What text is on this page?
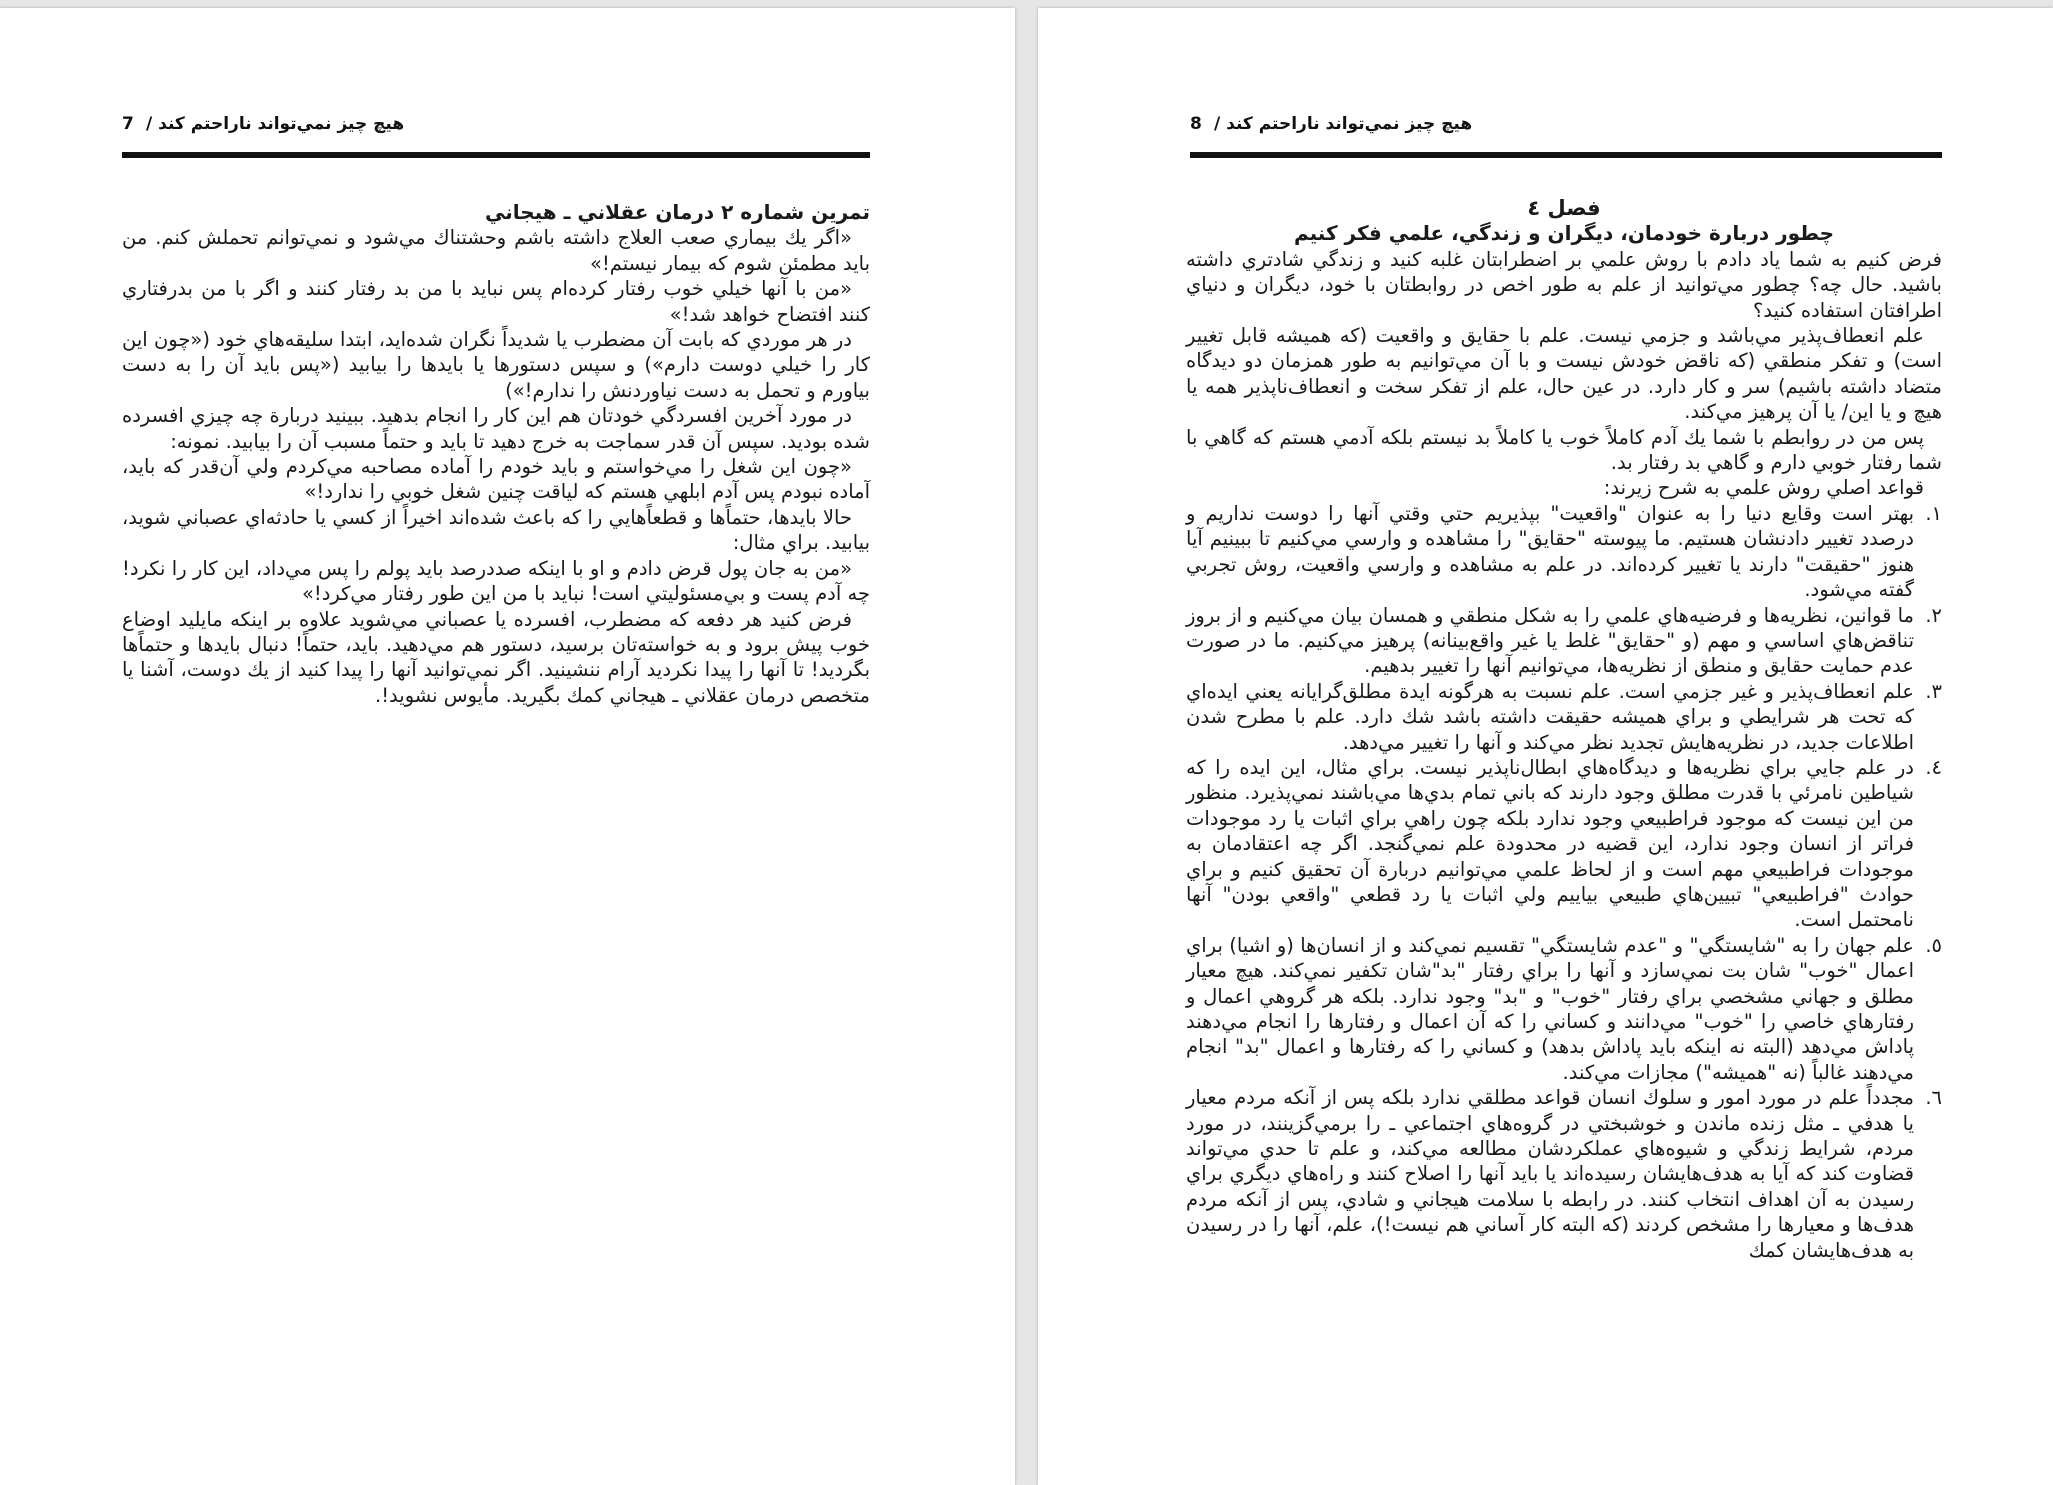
7 هيچ چيز نمي‌تواند ناراحتم كند /

تمرين شماره ٢ درمان عقلاني ـ هيجاني

«اگر يك بيماري صعب العلاج داشته باشم وحشتناك مي‌شود و نمي‌توانم تحملش كنم. من بايد مطمئن شوم كه بيمار نيستم!»

«من با آنها خيلي خوب رفتار كرده‌ام پس نبايد با من بد رفتار كنند و اگر با من بدرفتاري كنند افتضاح خواهد شد!»

در هر موردي كه بابت آن مضطرب يا شديداً نگران شده‌ايد، ابتدا سليقه‌هاي خود («چون اين كار را خيلي دوست دارم») و سپس دستورها يا بايدها را بيابيد («پس بايد آن را به دست بياورم و تحمل به دست نياوردنش را ندارم!»)

در مورد آخرين افسردگي خودتان هم اين كار را انجام بدهيد. ببينيد دربارة چه چيزي افسرده شده بوديد. سپس آن قدر سماجت به خرج دهيد تا بايد و حتماً مسبب آن را بيابيد. نمونه:

«چون اين شغل را مي‌خواستم و بايد خودم را آماده مصاحبه مي‌كردم ولي آن‌قدر كه بايد، آماده نبودم پس آدم ابلهي هستم كه لياقت چنين شغل خوبي را ندارد!»

حالا بايدها، حتماًها و قطعاًهايي را كه باعث شده‌اند اخيراً از كسي يا حادثه‌اي عصباني شويد، بيابيد. براي مثال:

«من به جان پول قرض دادم و او با اينكه صددرصد بايد پولم را پس مي‌داد، اين كار را نكرد! چه آدم پست و بي‌مسئوليتي است! نبايد با من اين طور رفتار مي‌كرد!»

فرض كنيد هر دفعه كه مضطرب، افسرده يا عصباني مي‌شويد علاوه بر اينكه مايليد اوضاع خوب پيش برود و به خواسته‌تان برسيد، دستور هم مي‌دهيد. بايد، حتماً! دنبال بايدها و حتماًها بگرديد! تا آنها را پيدا نكرديد آرام ننشينيد. اگر نمي‌توانيد آنها را پيدا كنيد از يك دوست، آشنا يا متخصص درمان عقلاني ـ هيجاني كمك بگيريد. مأيوس نشويد!.

8 هيچ چيز نمي‌تواند ناراحتم كند /

فصل ٤

چطور دربارة خودمان، ديگران و زندگي، علمي فكر كنيم

فرض كنيم به شما ياد دادم با روش علمي بر اضطرابتان غلبه كنيد و زندگي شادتري داشته باشيد. حال چه؟ چطور مي‌توانيد از علم به طور اخص در روابطتان با خود، ديگران و دنياي اطرافتان استفاده كنيد؟

علم انعطاف‌پذير مي‌باشد و جزمي نيست. علم با حقايق و واقعيت (كه هميشه قابل تغيير است) و تفكر منطقي (كه ناقض خودش نيست و با آن مي‌توانيم به طور همزمان دو ديدگاه متضاد داشته باشيم) سر و كار دارد. در عين حال، علم از تفكر سخت و انعطاف‌ناپذير همه يا هيچ و يا اين/ يا آن پرهيز مي‌كند.

پس من در روابطم با شما يك آدم كاملاً خوب يا كاملاً بد نيستم بلكه آدمي هستم كه گاهي با شما رفتار خوبي دارم و گاهي بد رفتار بد.

قواعد اصلي روش علمي به شرح زيرند:

١.
بهتر است وقايع دنيا را به عنوان "واقعيت" بپذيريم حتي وقتي آنها را دوست نداريم و درصدد تغيير دادنشان هستيم. ما پيوسته "حقايق" را مشاهده و وارسي مي‌كنيم تا ببينيم آيا هنوز "حقيقت" دارند يا تغيير كرده‌اند. در علم به مشاهده و وارسي واقعيت، روش تجربي گفته مي‌شود.
٢.
ما قوانين، نظريه‌ها و فرضيه‌هاي علمي را به شكل منطقي و همسان بيان مي‌كنيم و از بروز تناقض‌هاي اساسي و مهم (و "حقايق" غلط يا غير واقع‌بينانه) پرهيز مي‌كنيم. ما در صورت عدم حمايت حقايق و منطق از نظريه‌ها، مي‌توانيم آنها را تغيير بدهيم.
٣.
علم انعطاف‌پذير و غير جزمي است. علم نسبت به هرگونه ايدة مطلق‌گرايانه يعني ايده‌اي كه تحت هر شرايطي و براي هميشه حقيقت داشته باشد شك دارد. علم با مطرح شدن اطلاعات جديد، در نظريه‌هايش تجديد نظر مي‌كند و آنها را تغيير مي‌دهد.
٤.
در علم جايي براي نظريه‌ها و ديدگاه‌هاي ابطال‌ناپذير نيست. براي مثال، اين ايده را كه شياطين نامرئي با قدرت مطلق وجود دارند كه باني تمام بدي‌ها مي‌باشند نمي‌پذيرد. منظور من اين نيست كه موجود فراطبيعي وجود ندارد بلكه چون راهي براي اثبات يا رد موجودات فراتر از انسان وجود ندارد، اين قضيه در محدودة علم نمي‌گنجد. اگر چه اعتقادمان به موجودات فراطبيعي مهم است و از لحاظ علمي مي‌توانيم دربارة آن تحقيق كنيم و براي حوادث "فراطبيعي" تبيين‌هاي طبيعي بياييم ولي اثبات يا رد قطعي "واقعي بودن" آنها نامحتمل است.
٥.
علم جهان را به "شايستگي" و "عدم شايستگي" تقسيم نمي‌كند و از انسان‌ها (و اشيا) براي اعمال "خوب" شان بت نمي‌سازد و آنها را براي رفتار "بد"شان تكفير نمي‌كند. هيچ معيار مطلق و جهاني مشخصي براي رفتار "خوب" و "بد" وجود ندارد. بلكه هر گروهي اعمال و رفتارهاي خاصي را "خوب" مي‌دانند و كساني را كه آن اعمال و رفتارها را انجام مي‌دهند پاداش مي‌دهد (البته نه اينكه بايد پاداش بدهد) و كساني را كه رفتارها و اعمال "بد" انجام مي‌دهند غالباً (نه "هميشه") مجازات مي‌كند.
٦.
مجدداً علم در مورد امور و سلوك انسان قواعد مطلقي ندارد بلكه پس از آنكه مردم معيار يا هدفي ـ مثل زنده ماندن و خوشبختي در گروه‌هاي اجتماعي ـ را برمي‌گزينند، در مورد مردم، شرايط زندگي و شيوه‌هاي عملكردشان مطالعه مي‌كند، و علم تا حدي مي‌تواند قضاوت كند كه آيا به هدف‌هايشان رسيده‌اند يا بايد آنها را اصلاح كنند و راه‌هاي ديگري براي رسيدن به آن اهداف انتخاب كنند. در رابطه با سلامت هيجاني و شادي، پس از آنكه مردم هدف‌ها و معيارها را مشخص كردند (كه البته كار آساني هم نيست!)، علم، آنها را در رسيدن به هدف‌هايشان كمك
